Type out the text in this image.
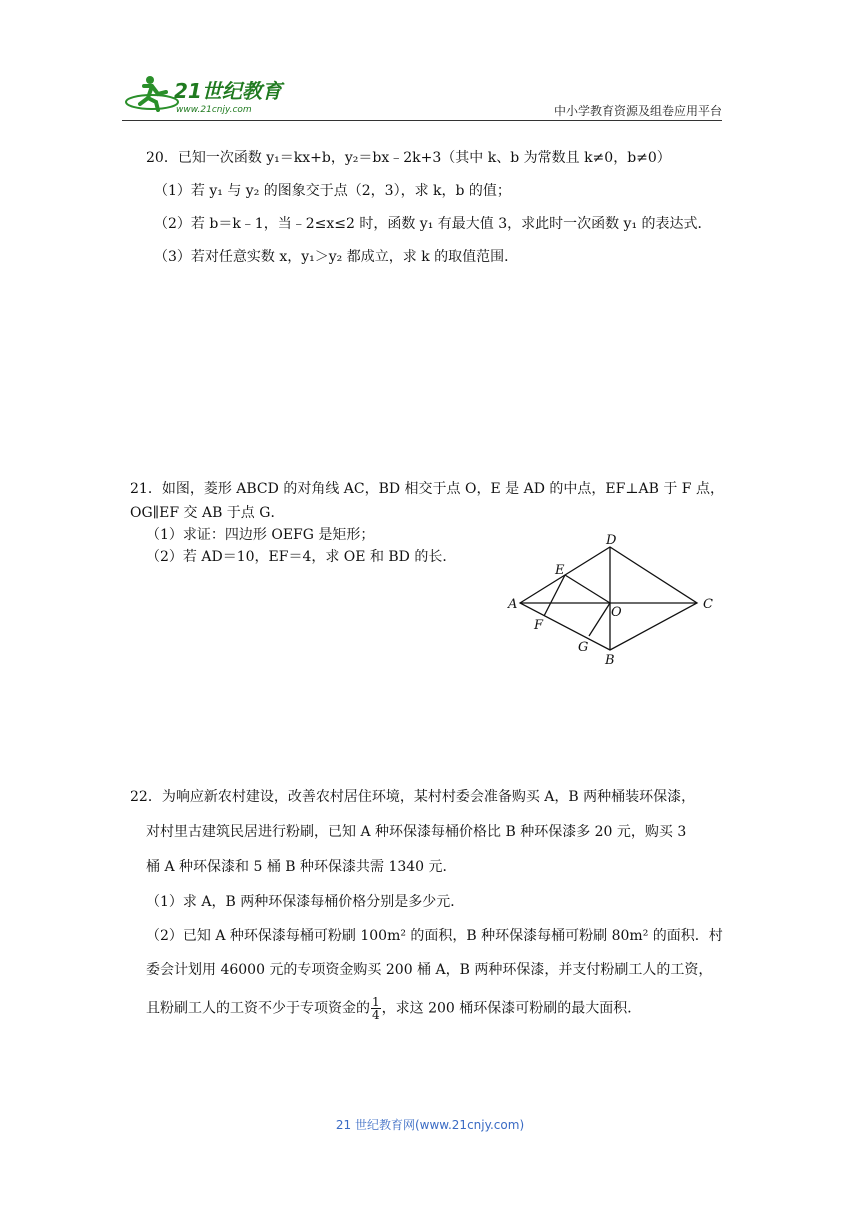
21世纪教育
www.21cnjy.com	中小学教育资源及组卷应用平台
20．已知一次函数 y₁＝kx+b，y₂＝bx﹣2k+3（其中 k、b 为常数且 k≠0，b≠0）
（1）若 y₁ 与 y₂ 的图象交于点（2，3），求 k，b 的值；
（2）若 b＝k﹣1，当﹣2≤x≤2 时，函数 y₁ 有最大值 3，求此时一次函数 y₁ 的表达式．
（3）若对任意实数 x，y₁＞y₂ 都成立，求 k 的取值范围．
21．如图，菱形 ABCD 的对角线 AC，BD 相交于点 O，E 是 AD 的中点，EF⊥AB 于 F 点，
OG∥EF 交 AB 于点 G．
（1）求证：四边形 OEFG 是矩形；
（2）若 AD＝10，EF＝4，求 OE 和 BD 的长．
A
D
C
B
E
F
G
O
22．为响应新农村建设，改善农村居住环境，某村村委会准备购买 A，B 两种桶装环保漆，
对村里古建筑民居进行粉刷，已知 A 种环保漆每桶价格比 B 种环保漆多 20 元，购买 3
桶 A 种环保漆和 5 桶 B 种环保漆共需 1340 元．
（1）求 A，B 两种环保漆每桶价格分别是多少元．
（2）已知 A 种环保漆每桶可粉刷 100m² 的面积，B 种环保漆每桶可粉刷 80m² 的面积．村
委会计划用 46000 元的专项资金购买 200 桶 A，B 两种环保漆，并支付粉刷工人的工资，
且粉刷工人的工资不少于专项资金的 $\frac{1}{4}$ ，求这 200 桶环保漆可粉刷的最大面积．
21 世纪教育网(www.21cnjy.com)
